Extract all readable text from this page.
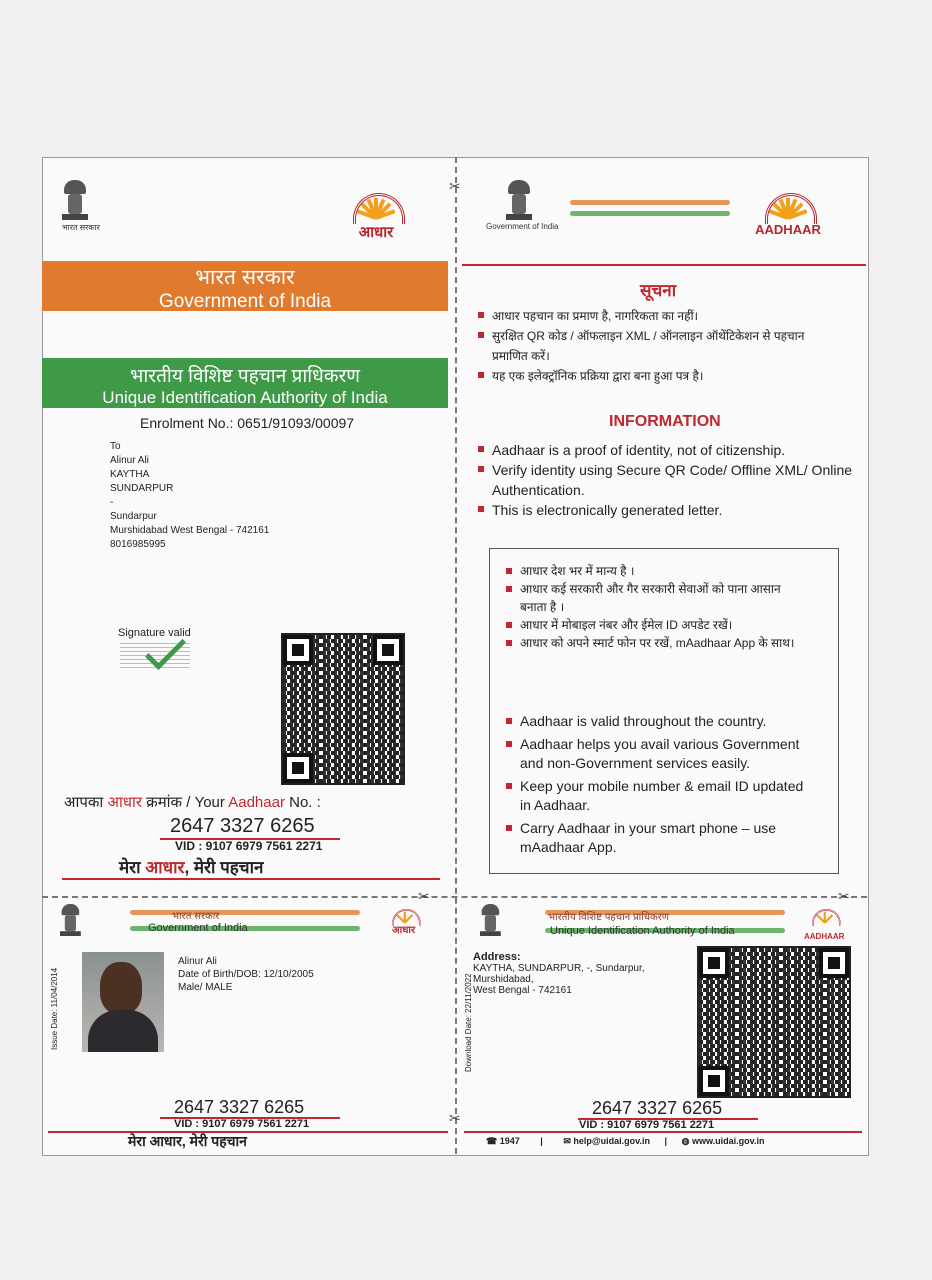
✂
✂	✂
✂
भारत सरकार	आधार
भारत सरकार
Government of India
भारतीय विशिष्ट पहचान प्राधिकरण
Unique Identification Authority of India
Enrolment No.: 0651/91093/00097
To
Alinur Ali
KAYTHA
SUNDARPUR
-
Sundarpur
Murshidabad West Bengal - 742161
8016985995
Signature valid
आपका आधार क्रमांक / Your Aadhaar No. :
2647 3327 6265
VID : 9107 6979 7561 2271
मेरा आधार, मेरी पहचान
Government of India	AADHAAR
सूचना
आधार पहचान का प्रमाण है, नागरिकता का नहीं।
सुरक्षित QR कोड / ऑफलाइन XML / ऑनलाइन ऑथेंटिकेशन से पहचान प्रमाणित करें।
यह एक इलेक्ट्रॉनिक प्रक्रिया द्वारा बना हुआ पत्र है।
INFORMATION
Aadhaar is a proof of identity, not of citizenship.
Verify identity using Secure QR Code/ Offline XML/ Online Authentication.
This is electronically generated letter.
आधार देश भर में मान्य है ।
आधार कई सरकारी और गैर सरकारी सेवाओं को पाना आसान बनाता है ।
आधार में मोबाइल नंबर और ईमेल ID अपडेट रखें।
आधार को अपने स्मार्ट फोन पर रखें, mAadhaar App के साथ।
Aadhaar is valid throughout the country.
Aadhaar helps you avail various Government and non-Government services easily.
Keep your mobile number & email ID updated in Aadhaar.
Carry Aadhaar in your smart phone – use mAadhaar App.
भारत सरकार
Government of India	आधार
Issue Date: 11/04/2014
Alinur Ali
Date of Birth/DOB: 12/10/2005
Male/ MALE
2647 3327 6265
VID : 9107 6979 7561 2271
मेरा आधार, मेरी पहचान
भारतीय विशिष्ट पहचान प्राधिकरण
Unique Identification Authority of India	AADHAAR
Download Date: 22/11/2022
Address:
KAYTHA, SUNDARPUR, -, Sundarpur,
Murshidabad,
West Bengal - 742161
2647 3327 6265
VID : 9107 6979 7561 2271
☎ 1947 | ✉ help@uidai.gov.in | ◍ www.uidai.gov.in
